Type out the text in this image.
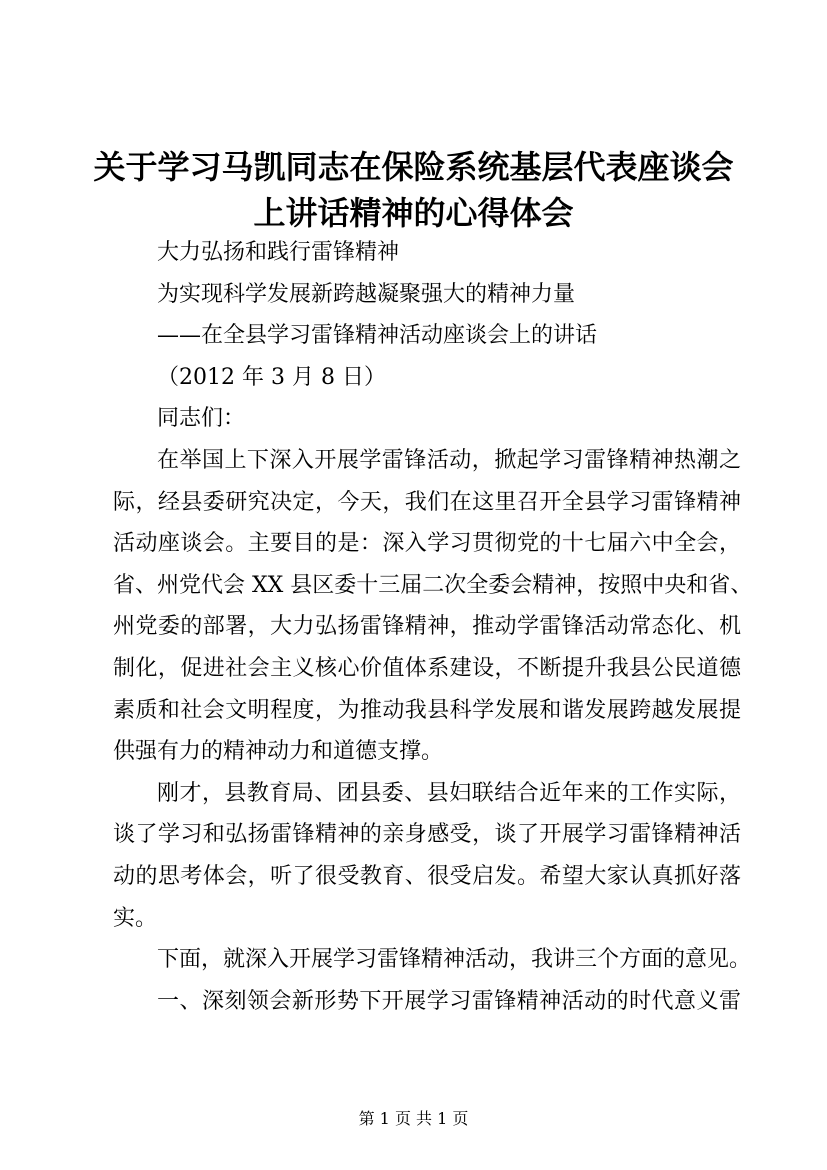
关于学习马凯同志在保险系统基层代表座谈会
上讲话精神的心得体会
大力弘扬和践行雷锋精神
为实现科学发展新跨越凝聚强大的精神力量
——在全县学习雷锋精神活动座谈会上的讲话
（2012 年 3 月 8 日）
同志们：
在举国上下深入开展学雷锋活动，掀起学习雷锋精神热潮之
际，经县委研究决定，今天，我们在这里召开全县学习雷锋精神
活动座谈会。主要目的是：深入学习贯彻党的十七届六中全会，
省、州党代会 XX 县区委十三届二次全委会精神，按照中央和省、
州党委的部署，大力弘扬雷锋精神，推动学雷锋活动常态化、机
制化，促进社会主义核心价值体系建设，不断提升我县公民道德
素质和社会文明程度，为推动我县科学发展和谐发展跨越发展提
供强有力的精神动力和道德支撑。
刚才，县教育局、团县委、县妇联结合近年来的工作实际，
谈了学习和弘扬雷锋精神的亲身感受，谈了开展学习雷锋精神活
动的思考体会，听了很受教育、很受启发。希望大家认真抓好落
实。
下面，就深入开展学习雷锋精神活动，我讲三个方面的意见。
一、深刻领会新形势下开展学习雷锋精神活动的时代意义雷
第 1 页 共 1 页
